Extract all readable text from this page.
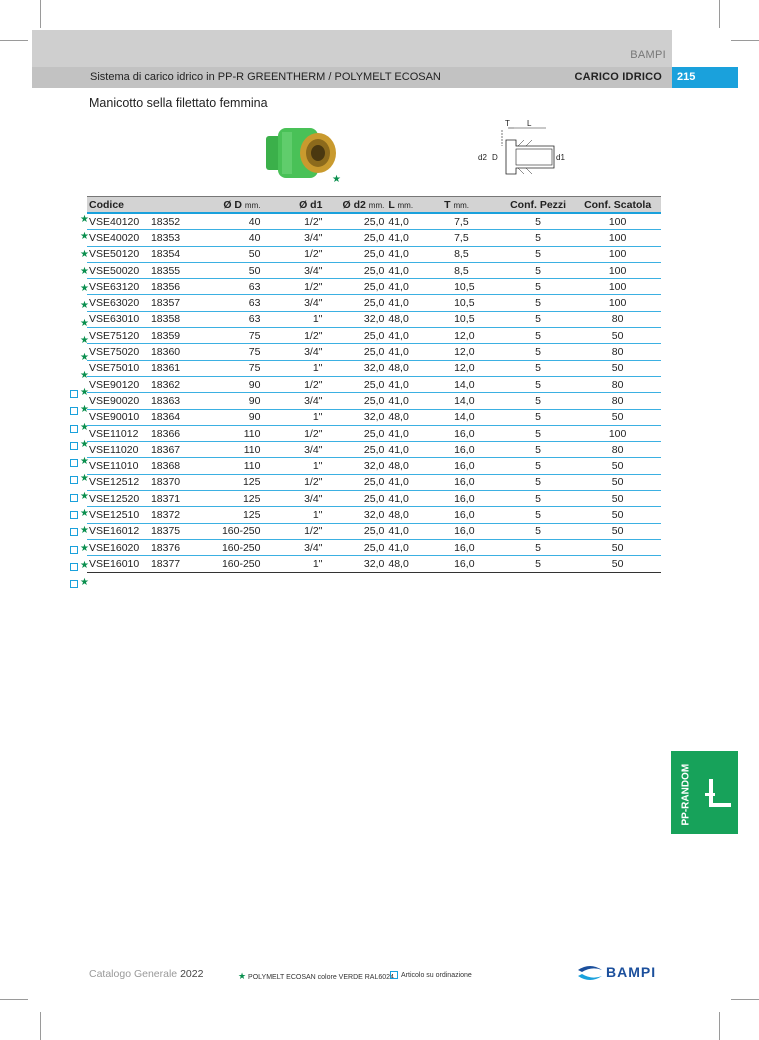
BAMPI
Sistema di carico idrico in PP-R GREENTHERM / POLYMELT ECOSAN	CARICO IDRICO 215
Manicotto sella filettato femmina
★
T L
d2 D	d1
★
★
★
★
★
★
★
★
★
★
★
★
★
★
★
★
★
★
★
★
★
★
Codice		Ø D mm.	Ø d1	Ø d2 mm.	L mm.	T mm.	Conf. Pezzi	Conf. Scatola
VSE40120	18352	40	1/2"	25,0	41,0	7,5	5	100
VSE40020	18353	40	3/4"	25,0	41,0	7,5	5	100
VSE50120	18354	50	1/2"	25,0	41,0	8,5	5	100
VSE50020	18355	50	3/4"	25,0	41,0	8,5	5	100
VSE63120	18356	63	1/2"	25,0	41,0	10,5	5	100
VSE63020	18357	63	3/4"	25,0	41,0	10,5	5	100
VSE63010	18358	63	1"	32,0	48,0	10,5	5	80
VSE75120	18359	75	1/2"	25,0	41,0	12,0	5	50
VSE75020	18360	75	3/4"	25,0	41,0	12,0	5	80
VSE75010	18361	75	1"	32,0	48,0	12,0	5	50
VSE90120	18362	90	1/2"	25,0	41,0	14,0	5	80
VSE90020	18363	90	3/4"	25,0	41,0	14,0	5	80
VSE90010	18364	90	1"	32,0	48,0	14,0	5	50
VSE11012	18366	110	1/2"	25,0	41,0	16,0	5	100
VSE11020	18367	110	3/4"	25,0	41,0	16,0	5	80
VSE11010	18368	110	1"	32,0	48,0	16,0	5	50
VSE12512	18370	125	1/2"	25,0	41,0	16,0	5	50
VSE12520	18371	125	3/4"	25,0	41,0	16,0	5	50
VSE12510	18372	125	1"	32,0	48,0	16,0	5	50
VSE16012	18375	160-250	1/2"	25,0	41,0	16,0	5	50
VSE16020	18376	160-250	3/4"	25,0	41,0	16,0	5	50
VSE16010	18377	160-250	1"	32,0	48,0	16,0	5	50
PP-RANDOM
Catalogo Generale 2022	★ POLYMELT ECOSAN colore VERDE RAL6024	Articolo su ordinazione	BAMPI
